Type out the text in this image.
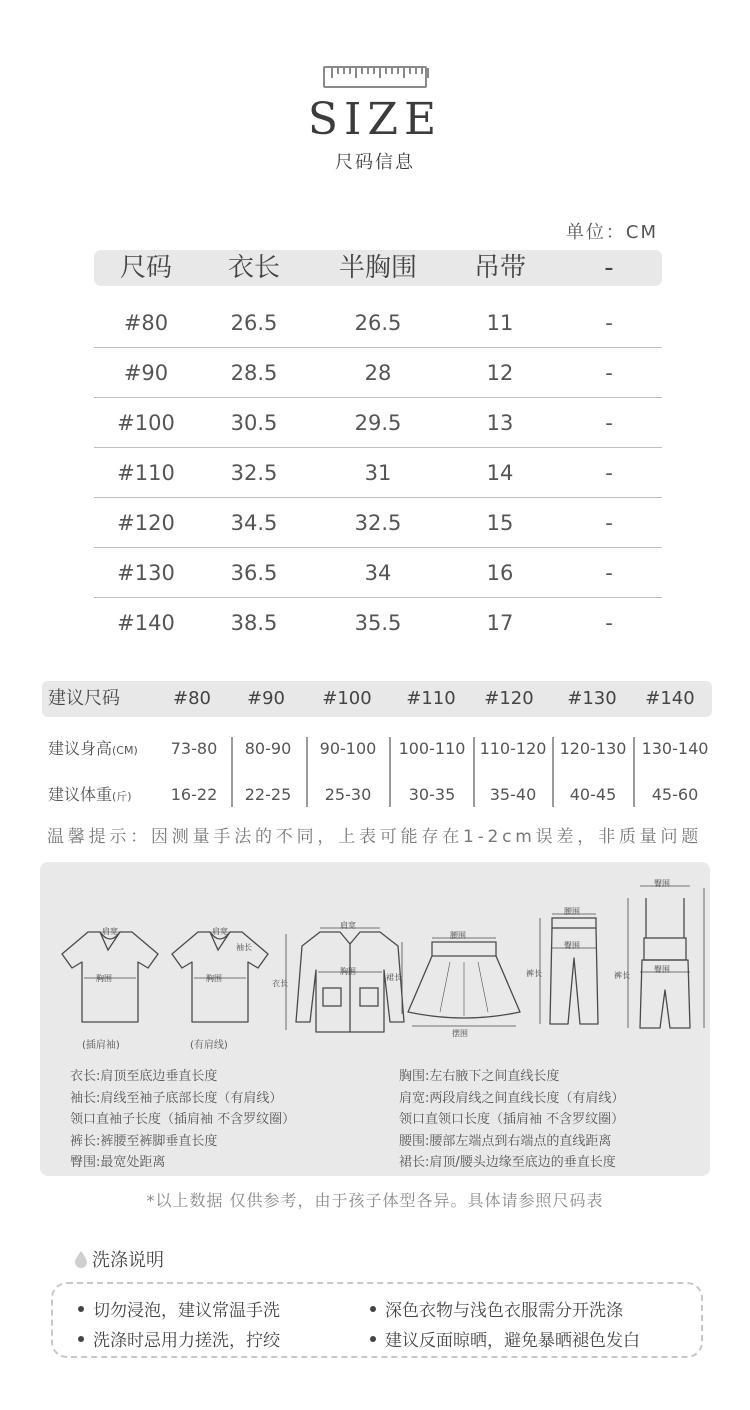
SIZE
尺码信息
单位：CM
尺码 衣长 半胸围 吊带	-
#80	26.5	26.5	11	-
#90	28.5	28	12	-
#100	30.5	29.5	13	-
#110	32.5	31	14	-
#120	34.5	32.5	15	-
#130	36.5	34	16	-
#140	38.5	35.5	17	-
建议尺码	#80 #90 #100 #110 #120 #130 #140
建议身高(CM) 73-80 80-90 90-100 100-110 110-120 120-130 130-140
建议体重(斤) 16-22 22-25 25-30 30-35 35-40 40-45 45-60
温馨提示：因测量手法的不同，上表可能存在1-2cm误差，非质量问题
肩宽
胸围
(插肩袖)
肩宽
胸围
袖长
(有肩线)
肩宽
胸围
衣长
腰围
裙长
摆围
腰围
臀围
裤长
臀围
臀围
裤长
衣长:肩顶至底边垂直长度
袖长:肩线至袖子底部长度（有肩线）
领口直袖子长度（插肩袖 不含罗纹圈）
裤长:裤腰至裤脚垂直长度
臀围:最宽处距离
胸围:左右腋下之间直线长度
肩宽:两段肩线之间直线长度（有肩线）
领口直领口长度（插肩袖 不含罗纹圈）
腰围:腰部左端点到右端点的直线距离
裙长:肩顶/腰头边缘至底边的垂直长度
*以上数据 仅供参考，由于孩子体型各异。具体请参照尺码表
洗涤说明
切勿浸泡，建议常温手洗	深色衣物与浅色衣服需分开洗涤
洗涤时忌用力搓洗，拧绞	建议反面晾晒，避免暴晒褪色发白
